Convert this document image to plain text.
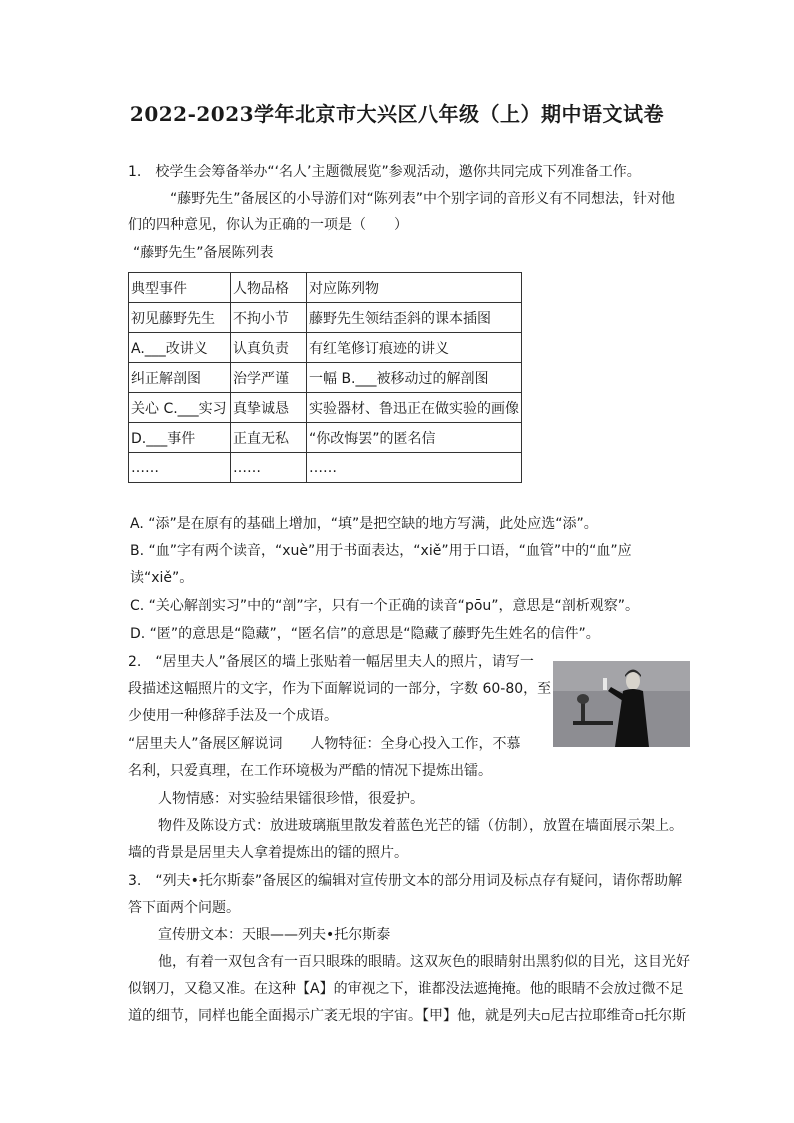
2022-2023学年北京市大兴区八年级（上）期中语文试卷
1.　校学生会筹备举办“‘名人’主题微展览”参观活动，邀你共同完成下列准备工作。
“藤野先生”备展区的小导游们对“陈列表”中个别字词的音形义有不同想法，针对他
们的四种意见，你认为正确的一项是（　　）
“藤野先生”备展陈列表
典型事件	人物品格	对应陈列物
初见藤野先生	不拘小节	藤野先生领结歪斜的课本插图
A.___改讲义	认真负责	有红笔修订痕迹的讲义
纠正解剖图	治学严谨	一幅 B.___被移动过的解剖图
关心 C.___实习	真挚诚恳	实验器材、鲁迅正在做实验的画像
D.___事件	正直无私	“你改悔罢”的匿名信
……	……	……
A. “添”是在原有的基础上增加，“填”是把空缺的地方写满，此处应选“添”。
B. “血”字有两个读音，“xuè”用于书面表达，“xiě”用于口语，“血管”中的“血”应
读“xiě”。
C. “关心解剖实习”中的“剖”字，只有一个正确的读音“pōu”，意思是“剖析观察”。
D. “匿”的意思是“隐藏”，“匿名信”的意思是“隐藏了藤野先生姓名的信件”。
2.　“居里夫人”备展区的墙上张贴着一幅居里夫人的照片，请写一
段描述这幅照片的文字，作为下面解说词的一部分，字数 60-80，至
少使用一种修辞手法及一个成语。
“居里夫人”备展区解说词　　人物特征：全身心投入工作，不慕
名利，只爱真理，在工作环境极为严酷的情况下提炼出镭。
人物情感：对实验结果镭很珍惜，很爱护。
物件及陈设方式：放进玻璃瓶里散发着蓝色光芒的镭（仿制），放置在墙面展示架上。
墙的背景是居里夫人拿着提炼出的镭的照片。
3.　“列夫•托尔斯泰”备展区的编辑对宣传册文本的部分用词及标点存有疑问，请你帮助解
答下面两个问题。
宣传册文本：天眼——列夫•托尔斯泰
他，有着一双包含有一百只眼珠的眼睛。这双灰色的眼睛射出黑豹似的目光，这目光好
似钢刀，又稳又准。在这种【A】的审视之下，谁都没法遮掩掩。他的眼睛不会放过微不足
道的细节，同样也能全面揭示广袤无垠的宇宙。【甲】他，就是列夫▫尼古拉耶维奇▫托尔斯
